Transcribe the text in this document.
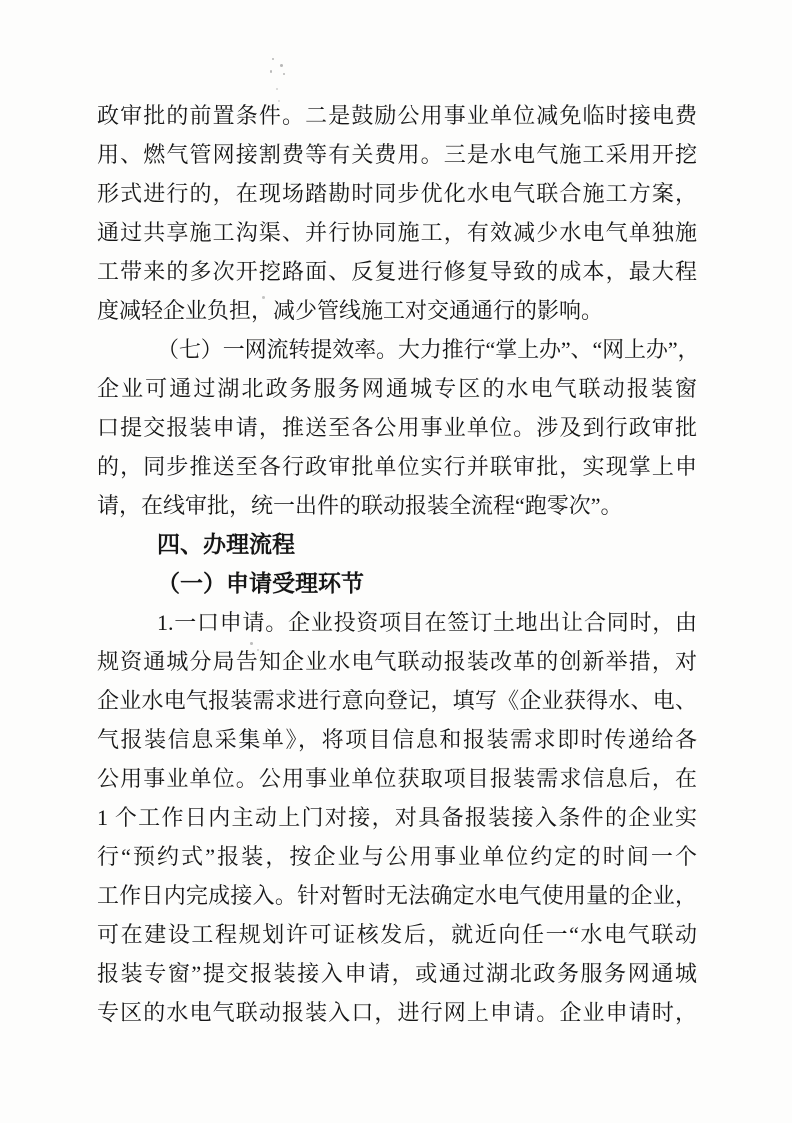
政审批的前置条件。二是鼓励公用事业单位减免临时接电费
用、燃气管网接割费等有关费用。三是水电气施工采用开挖
形式进行的，在现场踏勘时同步优化水电气联合施工方案，
通过共享施工沟渠、并行协同施工，有效减少水电气单独施
工带来的多次开挖路面、反复进行修复导致的成本，最大程
度减轻企业负担，减少管线施工对交通通行的影响。
（七）一网流转提效率。大力推行“掌上办”、“网上办”，
企业可通过湖北政务服务网通城专区的水电气联动报装窗
口提交报装申请，推送至各公用事业单位。涉及到行政审批
的，同步推送至各行政审批单位实行并联审批，实现掌上申
请，在线审批，统一出件的联动报装全流程“跑零次”。
四、办理流程
（一）申请受理环节
1.一口申请。企业投资项目在签订土地出让合同时，由
规资通城分局告知企业水电气联动报装改革的创新举措，对
企业水电气报装需求进行意向登记，填写《企业获得水、电、
气报装信息采集单》，将项目信息和报装需求即时传递给各
公用事业单位。公用事业单位获取项目报装需求信息后，在
1 个工作日内主动上门对接，对具备报装接入条件的企业实
行“预约式”报装，按企业与公用事业单位约定的时间一个
工作日内完成接入。针对暂时无法确定水电气使用量的企业，
可在建设工程规划许可证核发后，就近向任一“水电气联动
报装专窗”提交报装接入申请，或通过湖北政务服务网通城
专区的水电气联动报装入口，进行网上申请。企业申请时，
